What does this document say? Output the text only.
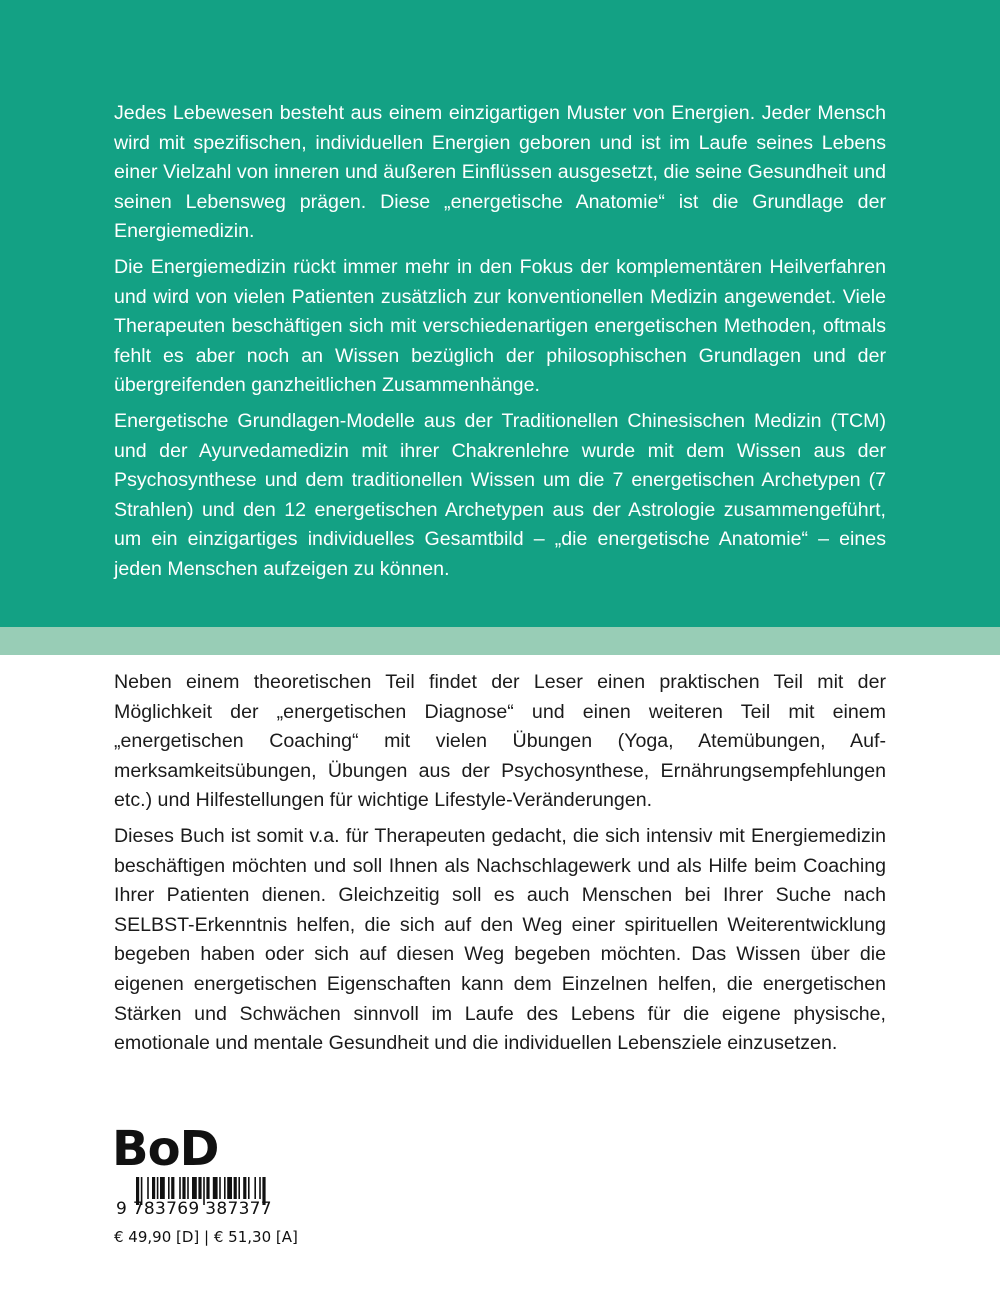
Jedes Lebewesen besteht aus einem einzigartigen Muster von Energien. Jeder Mensch wird mit spezifischen, individuellen Energien geboren und ist im Laufe seines Lebens einer Vielzahl von inneren und äußeren Einflüssen ausgesetzt, die seine Gesundheit und seinen Lebensweg prägen. Diese „energetische Anatomie“ ist die Grundlage der Energiemedizin.

Die Energiemedizin rückt immer mehr in den Fokus der komplementären Heilverfahren und wird von vielen Patienten zusätzlich zur konventionellen Medizin angewendet. Viele Therapeuten beschäftigen sich mit verschiedenartigen energetischen Methoden, oftmals fehlt es aber noch an Wissen bezüglich der philosophischen Grundlagen und der übergreifenden ganzheitlichen Zusammenhänge.

Energetische Grundlagen-Modelle aus der Traditionellen Chinesischen Medizin (TCM) und der Ayurvedamedizin mit ihrer Chakrenlehre wurde mit dem Wissen aus der Psychosynthese und dem traditionellen Wissen um die 7 energetischen Archetypen (7 Strahlen) und den 12 energetischen Archetypen aus der Astrologie zusammengeführt, um ein einzigartiges individuelles Gesamtbild – „die energetische Anatomie“ – eines jeden Menschen aufzeigen zu können.

Neben einem theoretischen Teil findet der Leser einen praktischen Teil mit der Möglichkeit der „energetischen Diagnose“ und einen weiteren Teil mit einem „energetischen Coaching“ mit vielen Übungen (Yoga, Atemübungen, Aufmerksamkeitsübungen, Übungen aus der Psychosynthese, Ernährungsempfehlungen etc.) und Hilfestellungen für wichtige Lifestyle-Veränderungen.

Dieses Buch ist somit v.a. für Therapeuten gedacht, die sich intensiv mit Energiemedizin beschäftigen möchten und soll Ihnen als Nachschlagewerk und als Hilfe beim Coaching Ihrer Patienten dienen. Gleichzeitig soll es auch Menschen bei Ihrer Suche nach SELBST-Erkenntnis helfen, die sich auf den Weg einer spirituellen Weiterentwicklung begeben haben oder sich auf diesen Weg begeben möchten. Das Wissen über die eigenen energetischen Eigenschaften kann dem Einzelnen helfen, die energetischen Stärken und Schwächen sinnvoll im Laufe des Lebens für die eigene physische, emotionale und mentale Gesundheit und die individuellen Lebensziele einzusetzen.

BoD
9 783769 387377
€ 49,90 [D] | € 51,30 [A]
